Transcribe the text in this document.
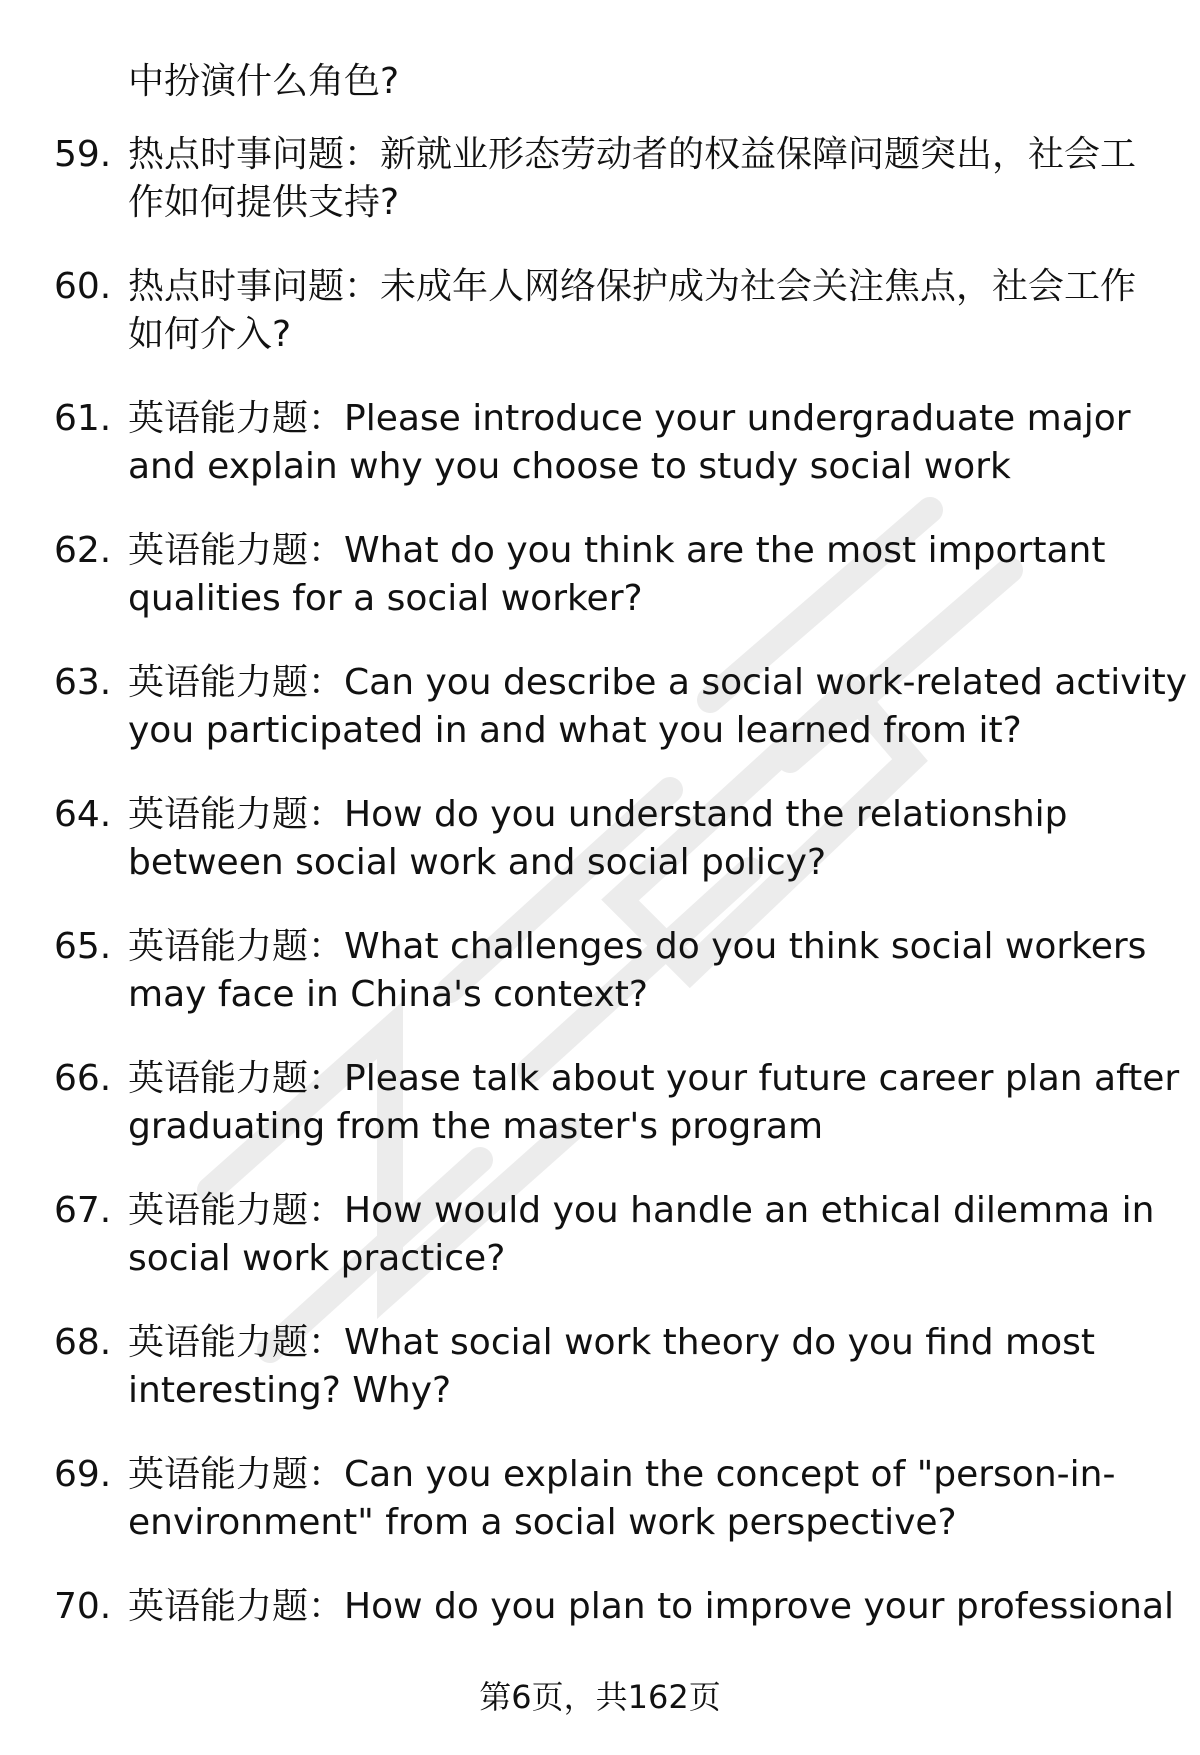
中扮演什么角色?
59. 热点时事问题：新就业形态劳动者的权益保障问题突出，社会工
作如何提供支持?
60. 热点时事问题：未成年人网络保护成为社会关注焦点，社会工作
如何介入?
61. 英语能力题：Please introduce your undergraduate major
and explain why you choose to study social work
62. 英语能力题：What do you think are the most important
qualities for a social worker?
63. 英语能力题：Can you describe a social work-related activity
you participated in and what you learned from it?
64. 英语能力题：How do you understand the relationship
between social work and social policy?
65. 英语能力题：What challenges do you think social workers
may face in China's context?
66. 英语能力题：Please talk about your future career plan after
graduating from the master's program
67. 英语能力题：How would you handle an ethical dilemma in
social work practice?
68. 英语能力题：What social work theory do you find most
interesting? Why?
69. 英语能力题：Can you explain the concept of "person-in-
environment" from a social work perspective?
70. 英语能力题：How do you plan to improve your professional
第6页，共162页
